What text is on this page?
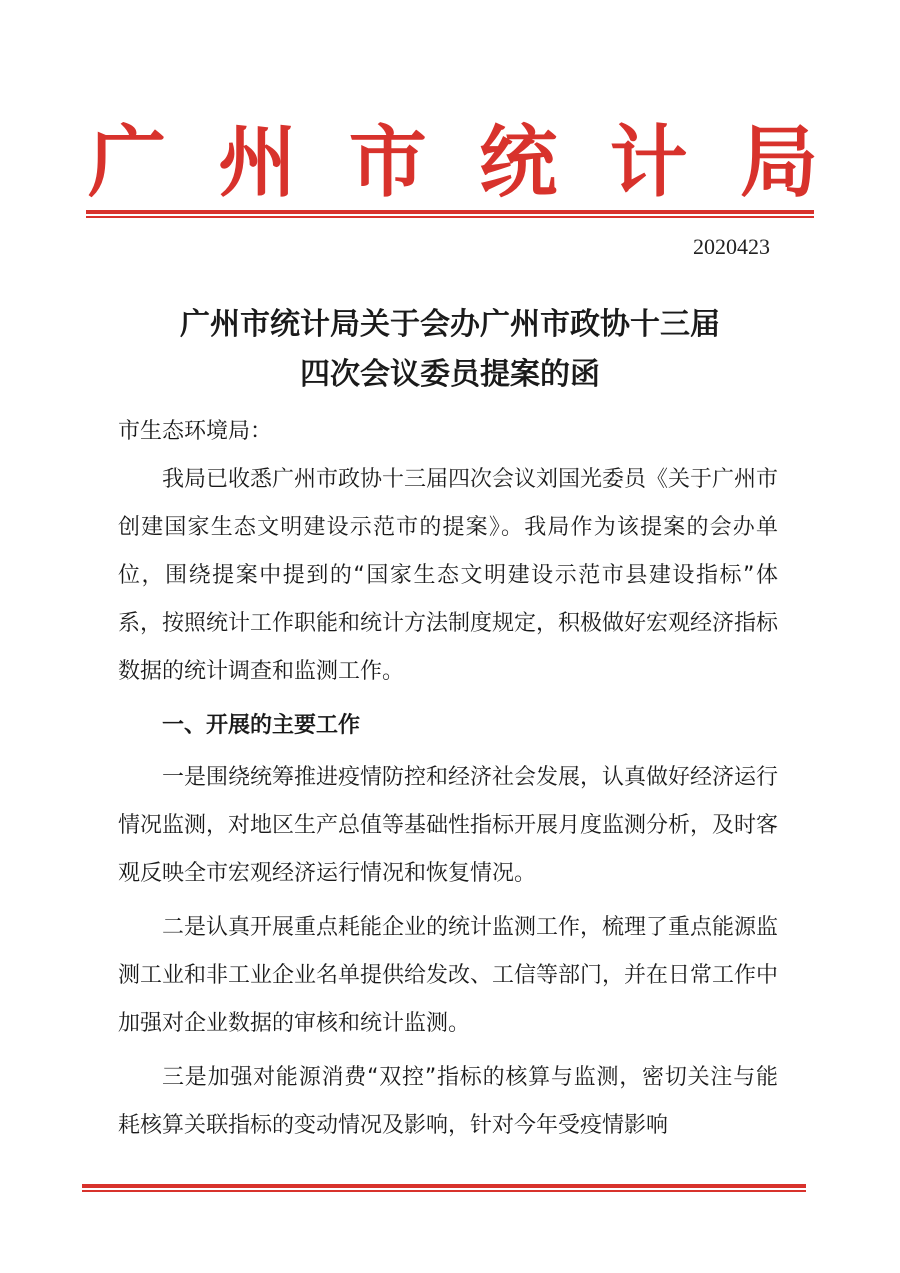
广 州 市 统 计 局
2020423
广州市统计局关于会办广州市政协十三届
四次会议委员提案的函

市生态环境局：

我局已收悉广州市政协十三届四次会议刘国光委员《关于广州市创建国家生态文明建设示范市的提案》。我局作为该提案的会办单位，围绕提案中提到的“国家生态文明建设示范市县建设指标”体系，按照统计工作职能和统计方法制度规定，积极做好宏观经济指标数据的统计调查和监测工作。

一、开展的主要工作

一是围绕统筹推进疫情防控和经济社会发展，认真做好经济运行情况监测，对地区生产总值等基础性指标开展月度监测分析，及时客观反映全市宏观经济运行情况和恢复情况。

二是认真开展重点耗能企业的统计监测工作，梳理了重点能源监测工业和非工业企业名单提供给发改、工信等部门，并在日常工作中加强对企业数据的审核和统计监测。

三是加强对能源消费“双控”指标的核算与监测，密切关注与能耗核算关联指标的变动情况及影响，针对今年受疫情影响
